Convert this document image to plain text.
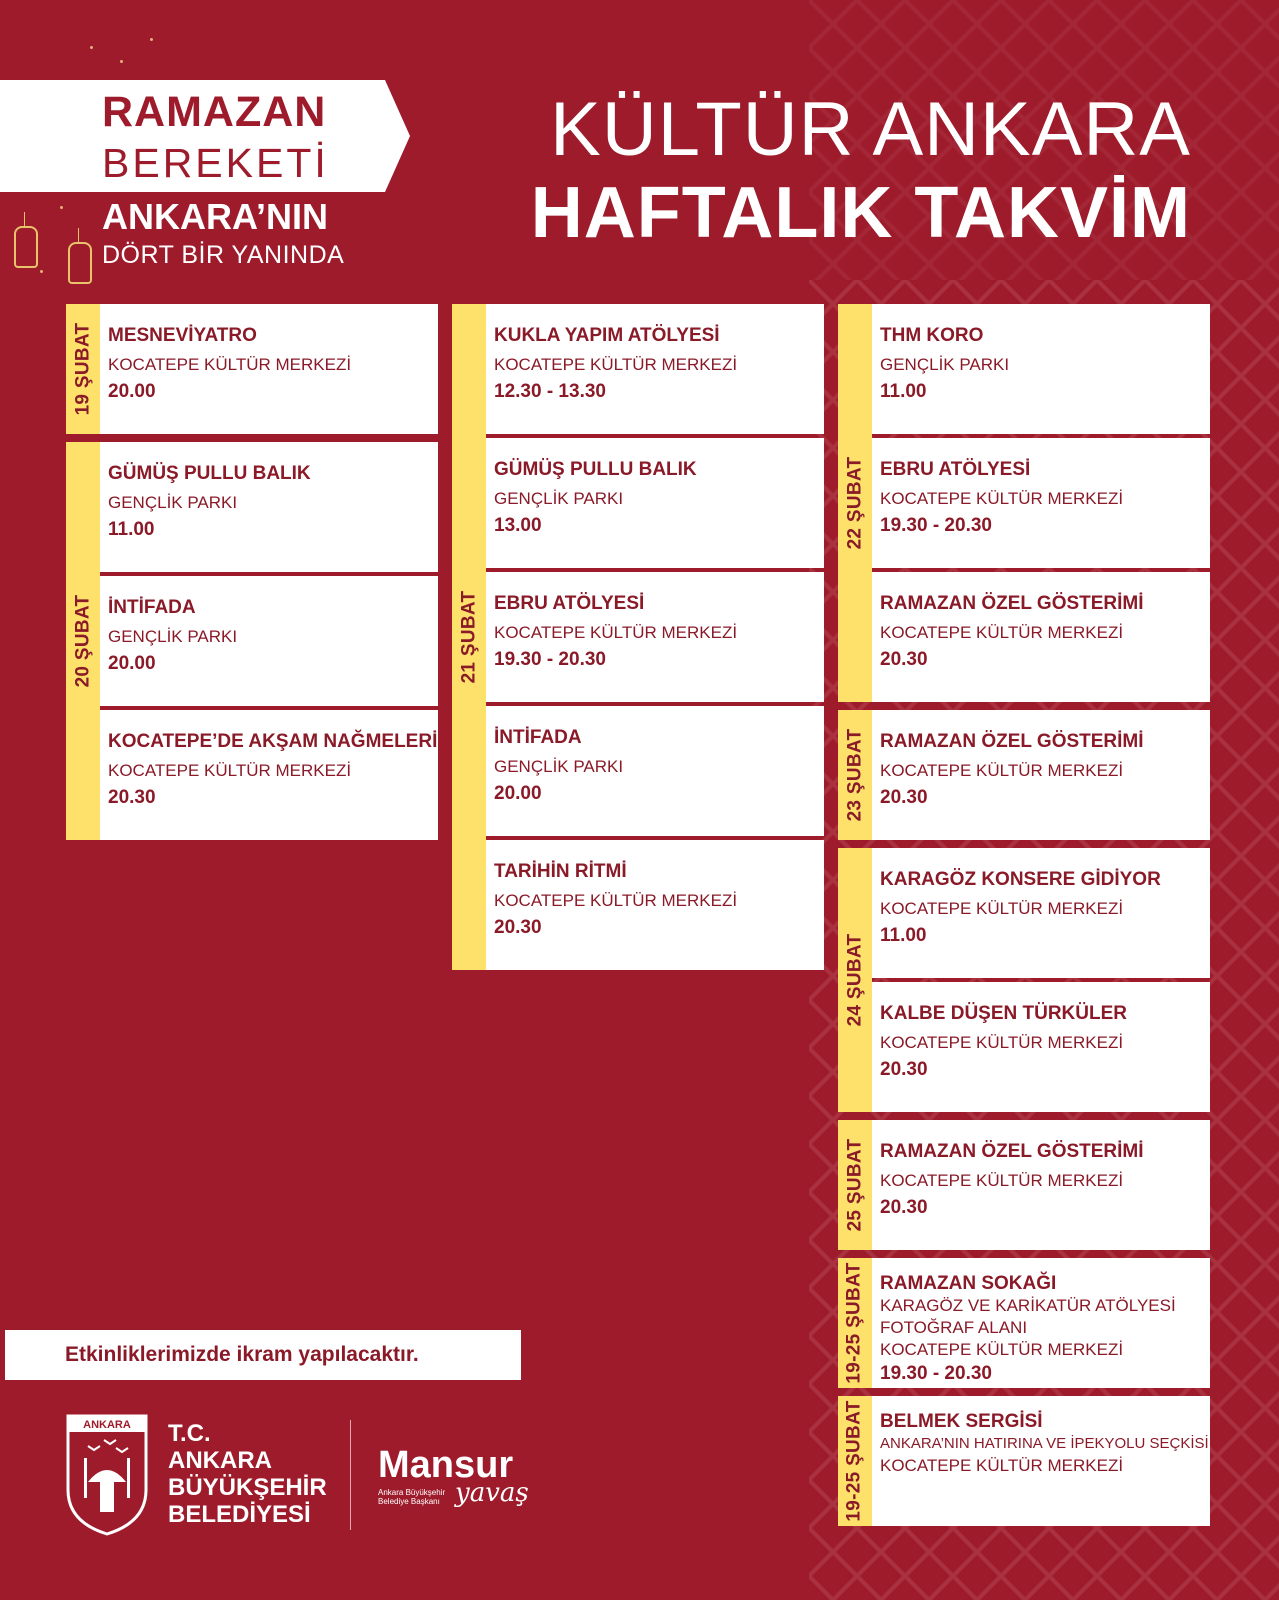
RAMAZAN
BEREKETİ
ANKARA’NIN
DÖRT BİR YANINDA
KÜLTÜR ANKARA
HAFTALIK TAKVİM
19 ŞUBAT MESNEVİYATRO
KOCATEPE KÜLTÜR MERKEZİ
20.00
20 ŞUBAT
GÜMÜŞ PULLU BALIK
GENÇLİK PARKI
11.00
İNTİFADA
GENÇLİK PARKI
20.00
KOCATEPE’DE AKŞAM NAĞMELERİ
KOCATEPE KÜLTÜR MERKEZİ
20.30
21 ŞUBAT
KUKLA YAPIM ATÖLYESİ
KOCATEPE KÜLTÜR MERKEZİ
12.30 - 13.30
GÜMÜŞ PULLU BALIK
GENÇLİK PARKI
13.00
EBRU ATÖLYESİ
KOCATEPE KÜLTÜR MERKEZİ
19.30 - 20.30
İNTİFADA
GENÇLİK PARKI
20.00
TARİHİN RİTMİ
KOCATEPE KÜLTÜR MERKEZİ
20.30
22 ŞUBAT
THM KORO
GENÇLİK PARKI
11.00
EBRU ATÖLYESİ
KOCATEPE KÜLTÜR MERKEZİ
19.30 - 20.30
RAMAZAN ÖZEL GÖSTERİMİ
KOCATEPE KÜLTÜR MERKEZİ
20.30
23 ŞUBAT RAMAZAN ÖZEL GÖSTERİMİ
KOCATEPE KÜLTÜR MERKEZİ
20.30
24 ŞUBAT
KARAGÖZ KONSERE GİDİYOR
KOCATEPE KÜLTÜR MERKEZİ
11.00
KALBE DÜŞEN TÜRKÜLER
KOCATEPE KÜLTÜR MERKEZİ
20.30
25 ŞUBAT RAMAZAN ÖZEL GÖSTERİMİ
KOCATEPE KÜLTÜR MERKEZİ
20.30
19-25 ŞUBAT RAMAZAN SOKAĞI
KARAGÖZ VE KARİKATÜR ATÖLYESİ
FOTOĞRAF ALANI
KOCATEPE KÜLTÜR MERKEZİ
19.30 - 20.30
19-25 ŞUBAT BELMEK SERGİSİ
ANKARA’NIN HATIRINA VE İPEKYOLU SEÇKİSİ
KOCATEPE KÜLTÜR MERKEZİ
Etkinliklerimizde ikram yapılacaktır.
ANKARA T.C.
ANKARA
BÜYÜKŞEHİR
BELEDİYESİ
Mansur
Ankara Büyükşehir
Belediye Başkanı yavaş
